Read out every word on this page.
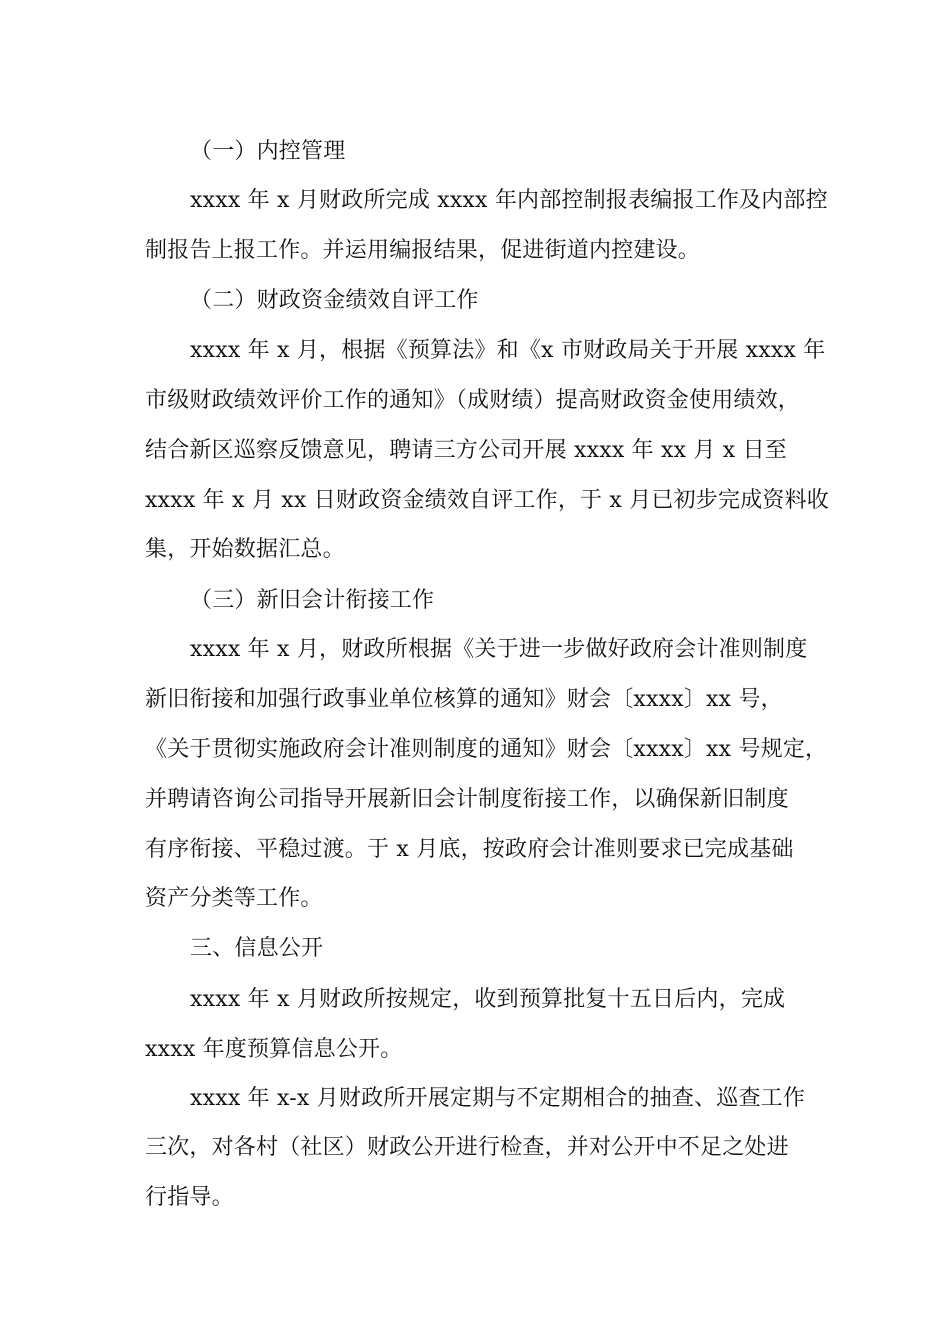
（一）内控管理
xxxx 年 x 月财政所完成 xxxx 年内部控制报表编报工作及内部控
制报告上报工作。并运用编报结果，促进街道内控建设。
（二）财政资金绩效自评工作
xxxx 年 x 月，根据《预算法》和《x 市财政局关于开展 xxxx 年
市级财政绩效评价工作的通知》（成财绩）提高财政资金使用绩效，
结合新区巡察反馈意见，聘请三方公司开展 xxxx 年 xx 月 x 日至
xxxx 年 x 月 xx 日财政资金绩效自评工作，于 x 月已初步完成资料收
集，开始数据汇总。
（三）新旧会计衔接工作
xxxx 年 x 月，财政所根据《关于进一步做好政府会计准则制度
新旧衔接和加强行政事业单位核算的通知》财会〔xxxx〕xx 号，
《关于贯彻实施政府会计准则制度的通知》财会〔xxxx〕xx 号规定，
并聘请咨询公司指导开展新旧会计制度衔接工作，以确保新旧制度
有序衔接、平稳过渡。于 x 月底，按政府会计准则要求已完成基础
资产分类等工作。
三、信息公开
xxxx 年 x 月财政所按规定，收到预算批复十五日后内，完成
xxxx 年度预算信息公开。
xxxx 年 x-x 月财政所开展定期与不定期相合的抽查、巡查工作
三次，对各村（社区）财政公开进行检查，并对公开中不足之处进
行指导。
